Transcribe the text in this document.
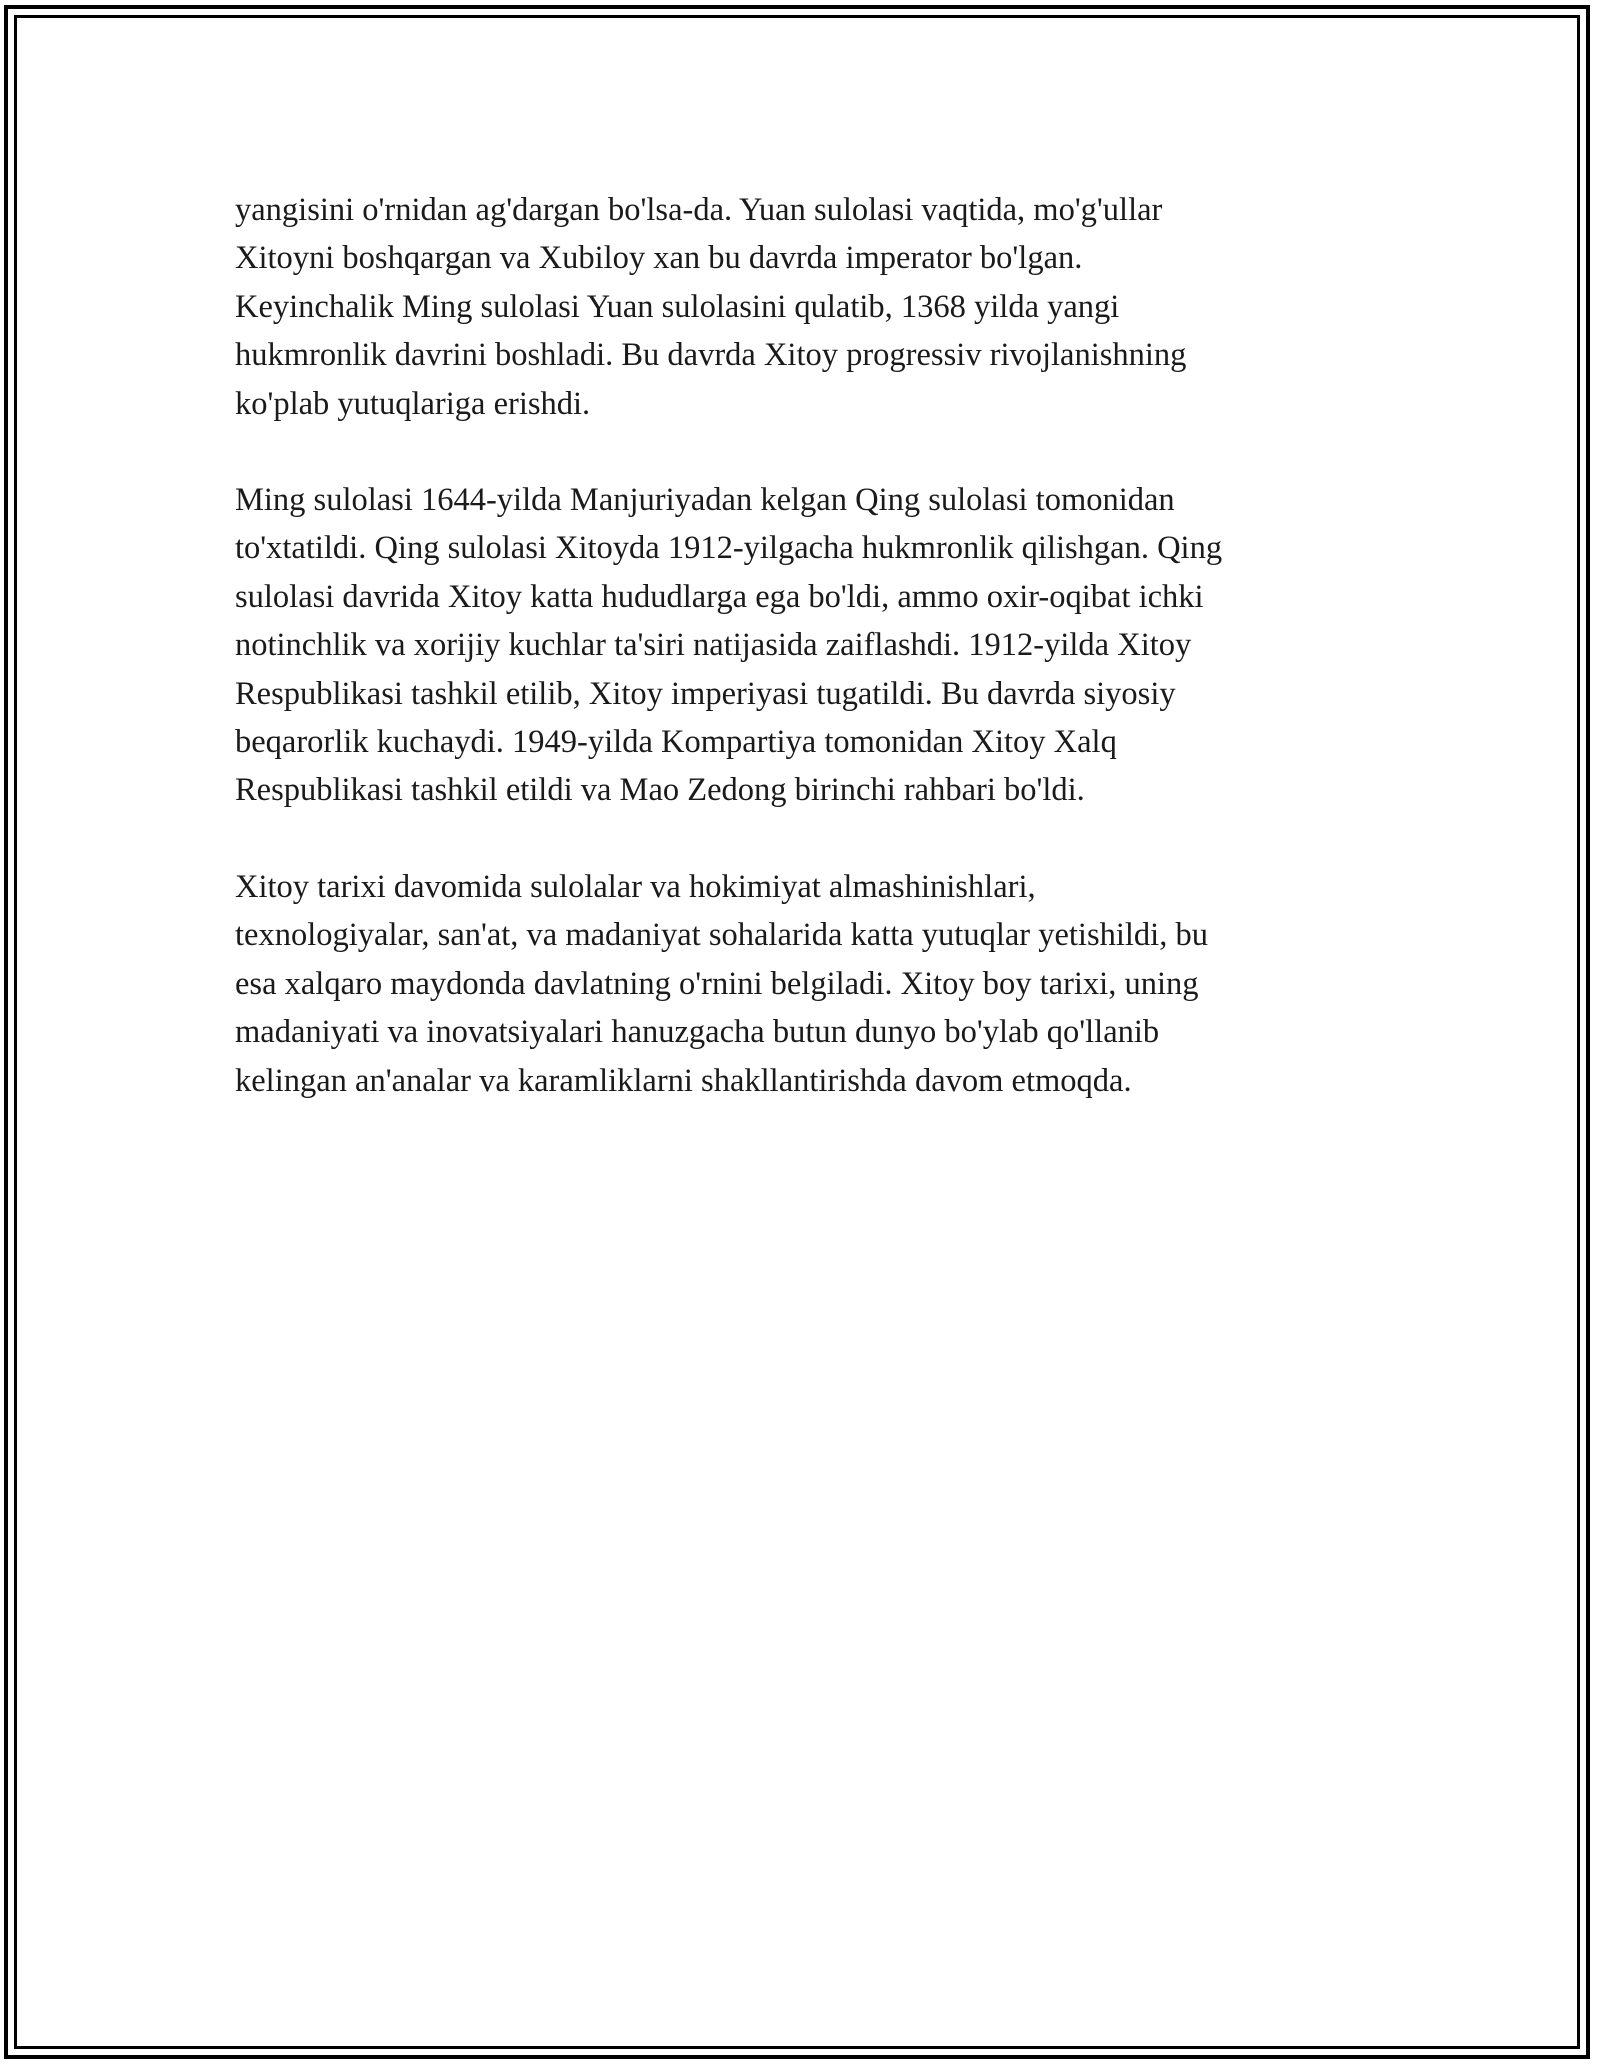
yangisini o'rnidan ag'dargan bo'lsa-da. Yuan sulolasi vaqtida, mo'g'ullar
Xitoyni boshqargan va Xubiloy xan bu davrda imperator bo'lgan.
Keyinchalik Ming sulolasi Yuan sulolasini qulatib, 1368 yilda yangi
hukmronlik davrini boshladi. Bu davrda Xitoy progressiv rivojlanishning
ko'plab yutuqlariga erishdi.

Ming sulolasi 1644-yilda Manjuriyadan kelgan Qing sulolasi tomonidan
to'xtatildi. Qing sulolasi Xitoyda 1912-yilgacha hukmronlik qilishgan. Qing
sulolasi davrida Xitoy katta hududlarga ega bo'ldi, ammo oxir-oqibat ichki
notinchlik va xorijiy kuchlar ta'siri natijasida zaiflashdi. 1912-yilda Xitoy
Respublikasi tashkil etilib, Xitoy imperiyasi tugatildi. Bu davrda siyosiy
beqarorlik kuchaydi. 1949-yilda Kompartiya tomonidan Xitoy Xalq
Respublikasi tashkil etildi va Mao Zedong birinchi rahbari bo'ldi.

Xitoy tarixi davomida sulolalar va hokimiyat almashinishlari,
texnologiyalar, san'at, va madaniyat sohalarida katta yutuqlar yetishildi, bu
esa xalqaro maydonda davlatning o'rnini belgiladi. Xitoy boy tarixi, uning
madaniyati va inovatsiyalari hanuzgacha butun dunyo bo'ylab qo'llanib
kelingan an'analar va karamliklarni shakllantirishda davom etmoqda.
